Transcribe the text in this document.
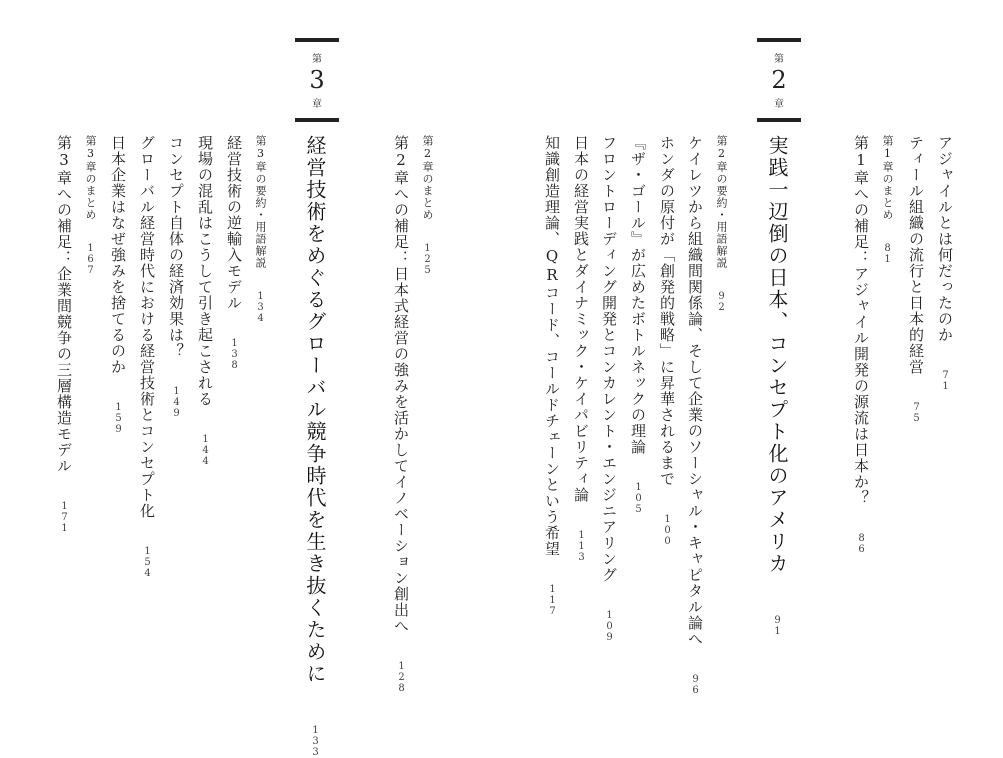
第
2
章
第
3
章
アジャイルとは何だったのか 71
ティール組織の流行と日本的経営 75
第1章のまとめ 81
第1章への補足：アジャイル開発の源流は日本か？ 86
実践一辺倒の日本、コンセプト化のアメリカ 91
第2章の要約・用語解説 92
ケイレツから組織間関係論、そして企業のソーシャル・キャピタル論へ 96
ホンダの原付が「創発的戦略」に昇華されるまで 100
『ザ・ゴール』が広めたボトルネックの理論 105
フロントローディング開発とコンカレント・エンジニアリング 109
日本の経営実践とダイナミック・ケイパビリティ論 113
知識創造理論、QRコード、コールドチェーンという希望 117
第2章のまとめ 125
第2章への補足：日本式経営の強みを活かしてイノベーション創出へ 128
経営技術をめぐるグローバル競争時代を生き抜くために 133
第3章の要約・用語解説 134
経営技術の逆輸入モデル 138
現場の混乱はこうして引き起こされる 144
コンセプト自体の経済効果は？ 149
グローバル経営時代における経営技術とコンセプト化 154
日本企業はなぜ強みを捨てるのか 159
第3章のまとめ 167
第3章への補足：企業間競争の三層構造モデル 171
